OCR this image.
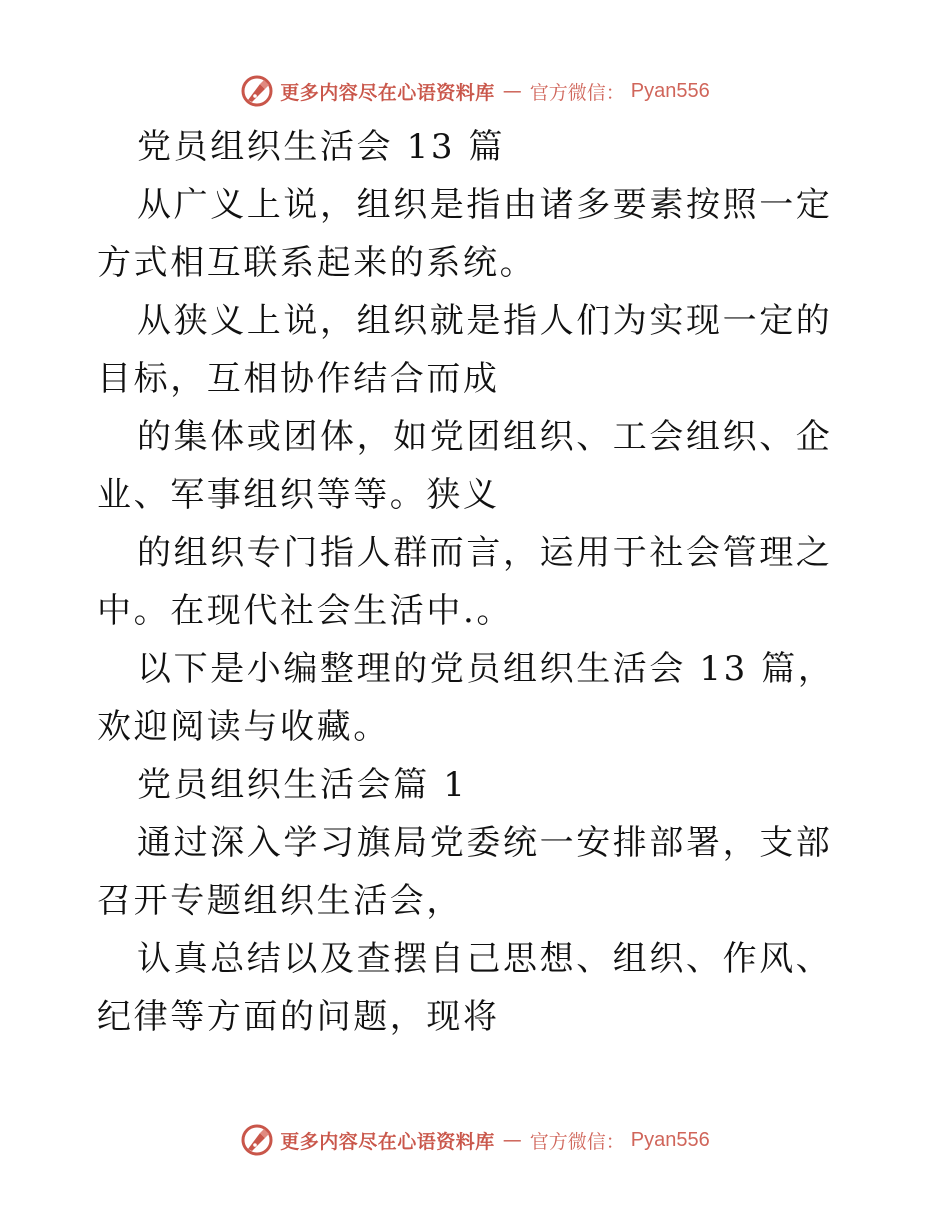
更多内容尽在心语资料库 — 官方微信： Pyan556

党员组织生活会 13 篇

从广义上说，组织是指由诸多要素按照一定方式相互联系起来的系统。

从狭义上说，组织就是指人们为实现一定的目标，互相协作结合而成

的集体或团体，如党团组织、工会组织、企业、军事组织等等。狭义

的组织专门指人群而言，运用于社会管理之中。在现代社会生活中.。

以下是小编整理的党员组织生活会 13 篇，欢迎阅读与收藏。

党员组织生活会篇 1

通过深入学习旗局党委统一安排部署，支部召开专题组织生活会，

认真总结以及查摆自己思想、组织、作风、纪律等方面的问题，现将

更多内容尽在心语资料库 — 官方微信： Pyan556
